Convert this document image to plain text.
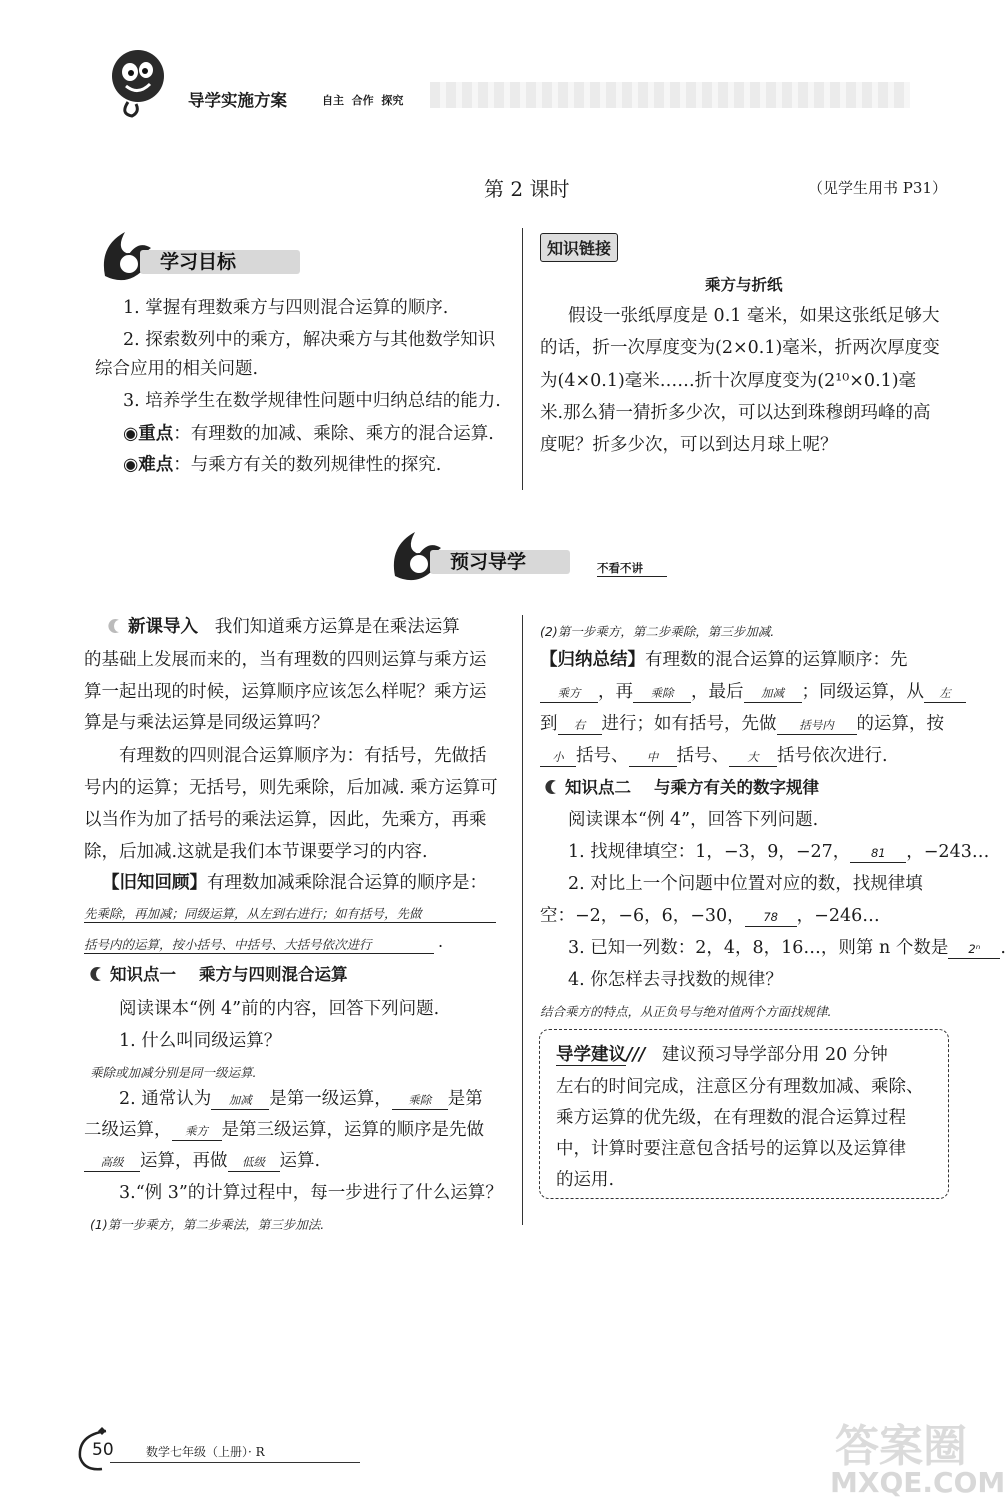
导学实施方案	自主  合作  探究
第 2 课时	（见学生用书 P31）
学习目标
1. 掌握有理数乘方与四则混合运算的顺序.
2. 探索数列中的乘方，解决乘方与其他数学知识
综合应用的相关问题.
3. 培养学生在数学规律性问题中归纳总结的能力.
◉重点：有理数的加减、乘除、乘方的混合运算.
◉难点：与乘方有关的数列规律性的探究.
知识链接
乘方与折纸
假设一张纸厚度是 0.1 毫米，如果这张纸足够大
的话，折一次厚度变为(2×0.1)毫米，折两次厚度变
为(4×0.1)毫米……折十次厚度变为(2¹⁰×0.1)毫
米.那么猜一猜折多少次，可以达到珠穆朗玛峰的高
度呢？折多少次，可以到达月球上呢？
预习导学	不看不讲
新课导入 我们知道乘方运算是在乘法运算
的基础上发展而来的，当有理数的四则运算与乘方运
算一起出现的时候，运算顺序应该怎么样呢？乘方运
算是与乘法运算是同级运算吗？
有理数的四则混合运算顺序为：有括号，先做括
号内的运算；无括号，则先乘除，后加减. 乘方运算可
以当作为加了括号的乘法运算，因此，先乘方，再乘
除，后加减.这就是我们本节课要学习的内容.
【旧知回顾】有理数加减乘除混合运算的顺序是：
先乘除，再加减；同级运算，从左到右进行；如有括号，先做
括号内的运算，按小括号、中括号、大括号依次进行	.
知识点一 乘方与四则混合运算
阅读课本“例 4”前的内容，回答下列问题.
1. 什么叫同级运算？
乘除或加减分别是同一级运算.
2. 通常认为 加减 是第一级运算， 乘除 是第
二级运算， 乘方 是第三级运算，运算的顺序是先做
高级 运算，再做 低级 运算.
3.“例 3”的计算过程中，每一步进行了什么运算？
(1)第一步乘方，第二步乘法，第三步加法.
(2)第一步乘方，第二步乘除，第三步加减.
【归纳总结】有理数的混合运算的运算顺序：先
乘方 ，再 乘除 ，最后 加减 ；同级运算，从 左
到 右 进行；如有括号，先做 括号内 的运算，按
小 括号、 中 括号、 大 括号依次进行.
知识点二 与乘方有关的数字规律
阅读课本“例 4”，回答下列问题.
1. 找规律填空：1，−3，9，−27， 81 ，−243…
2. 对比上一个问题中位置对应的数，找规律填
空：−2，−6，6，−30， 78 ，−246…
3. 已知一列数：2，4，8，16…，则第 n 个数是 2ⁿ .
4. 你怎样去寻找数的规律？
结合乘方的特点，从正负号与绝对值两个方面找规律.
导学建议/// 建议预习导学部分用 20 分钟
左右的时间完成，注意区分有理数加减、乘除、
乘方运算的优先级，在有理数的混合运算过程
中，计算时要注意包含括号的运算以及运算律
的运用.
50	数学七年级（上册）· R	答案圈
MXQE.COM
